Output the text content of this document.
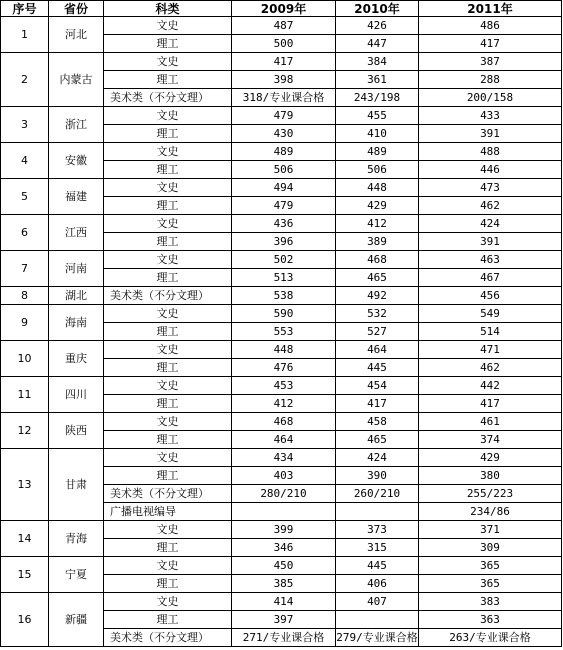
序号	省份	科类	2009年	2010年	2011年
1	河北	文史	487	426	486
		理工	500	447	417
2	内蒙古	文史	417	384	387
		理工	398	361	288
		美术类（不分文理）	318/专业课合格	243/198	200/158
3	浙江	文史	479	455	433
		理工	430	410	391
4	安徽	文史	489	489	488
		理工	506	506	446
5	福建	文史	494	448	473
		理工	479	429	462
6	江西	文史	436	412	424
		理工	396	389	391
7	河南	文史	502	468	463
		理工	513	465	467
8	湖北	美术类（不分文理）	538	492	456
9	海南	文史	590	532	549
		理工	553	527	514
10	重庆	文史	448	464	471
		理工	476	445	462
11	四川	文史	453	454	442
		理工	412	417	417
12	陕西	文史	468	458	461
		理工	464	465	374
13	甘肃	文史	434	424	429
		理工	403	390	380
		美术类（不分文理）	280/210	260/210	255/223
		广播电视编导			234/86
14	青海	文史	399	373	371
		理工	346	315	309
15	宁夏	文史	450	445	365
		理工	385	406	365
16	新疆	文史	414	407	383
		理工	397		363
		美术类（不分文理）	271/专业课合格	279/专业课合格	263/专业课合格
